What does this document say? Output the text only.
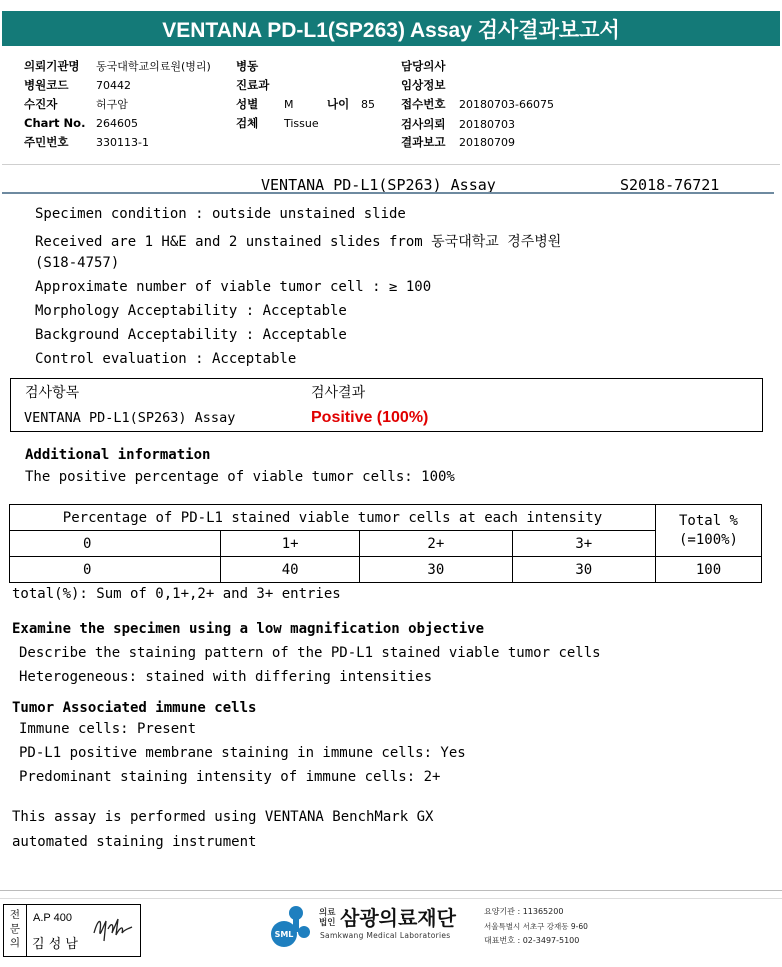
VENTANA PD-L1(SP263) Assay 검사결과보고서
의뢰기관명 동국대학교의료원(병리) 병동	담당의사
병원코드	70442	진료과	임상정보
수진자	허구암	성별 M	나이 85 접수번호 20180703-66075
Chart No. 264605	검체 Tissue	검사의뢰 20180703
주민번호	330113-1	결과보고 20180709
VENTANA PD-L1(SP263) Assay	S2018-76721
Specimen condition : outside unstained slide
Received are 1 H&E and 2 unstained slides from 동국대학교 경주병원
(S18-4757)
Approximate number of viable tumor cell : ≥ 100
Morphology Acceptability : Acceptable
Background Acceptability : Acceptable
Control evaluation : Acceptable
검사항목	검사결과
VENTANA PD-L1(SP263) Assay	Positive (100%)
Additional information
The positive percentage of viable tumor cells: 100%
Percentage of PD-L1 stained viable tumor cells at each intensity				Total %
(=100%)

0	1+	2+	3+	
0	40	30	30	100
total(%): Sum of 0,1+,2+ and 3+ entries
Examine the specimen using a low magnification objective
Describe the staining pattern of the PD-L1 stained viable tumor cells
Heterogeneous: stained with differing intensities
Tumor Associated immune cells
Immune cells: Present
PD-L1 positive membrane staining in immune cells: Yes
Predominant staining intensity of immune cells: 2+
This assay is performed using VENTANA BenchMark GX
automated staining instrument
전문의
A.P 400
김 성 남
SML
의료
법인 삼광의료재단
Samkwang Medical Laboratories
요양기관 : 11365200
서울특별시 서초구 강재동 9-60
대표번호 : 02-3497-5100
